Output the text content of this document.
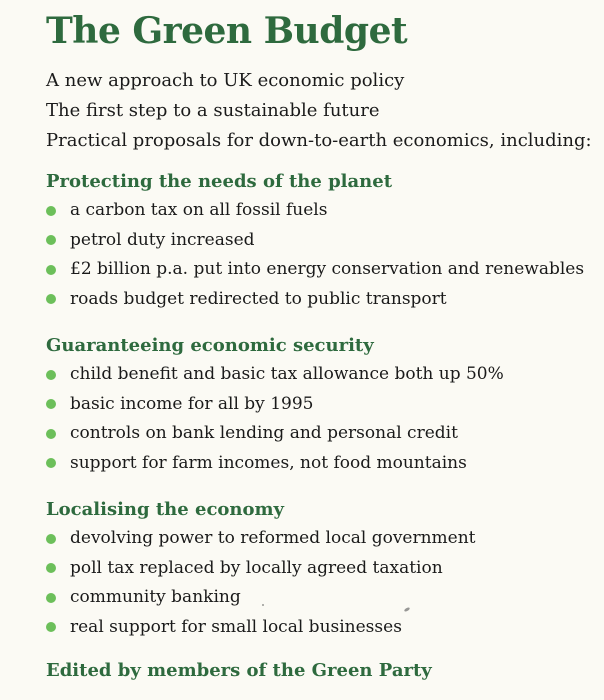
The Green Budget
A new approach to UK economic policy
The first step to a sustainable future
Practical proposals for down-to-earth economics, including:
Protecting the needs of the planet
a carbon tax on all fossil fuels
petrol duty increased
£2 billion p.a. put into energy conservation and renewables
roads budget redirected to public transport
Guaranteeing economic security
child benefit and basic tax allowance both up 50%
basic income for all by 1995
controls on bank lending and personal credit
support for farm incomes, not food mountains
Localising the economy
devolving power to reformed local government
poll tax replaced by locally agreed taxation
community banking
real support for small local businesses

Edited by members of the Green Party
